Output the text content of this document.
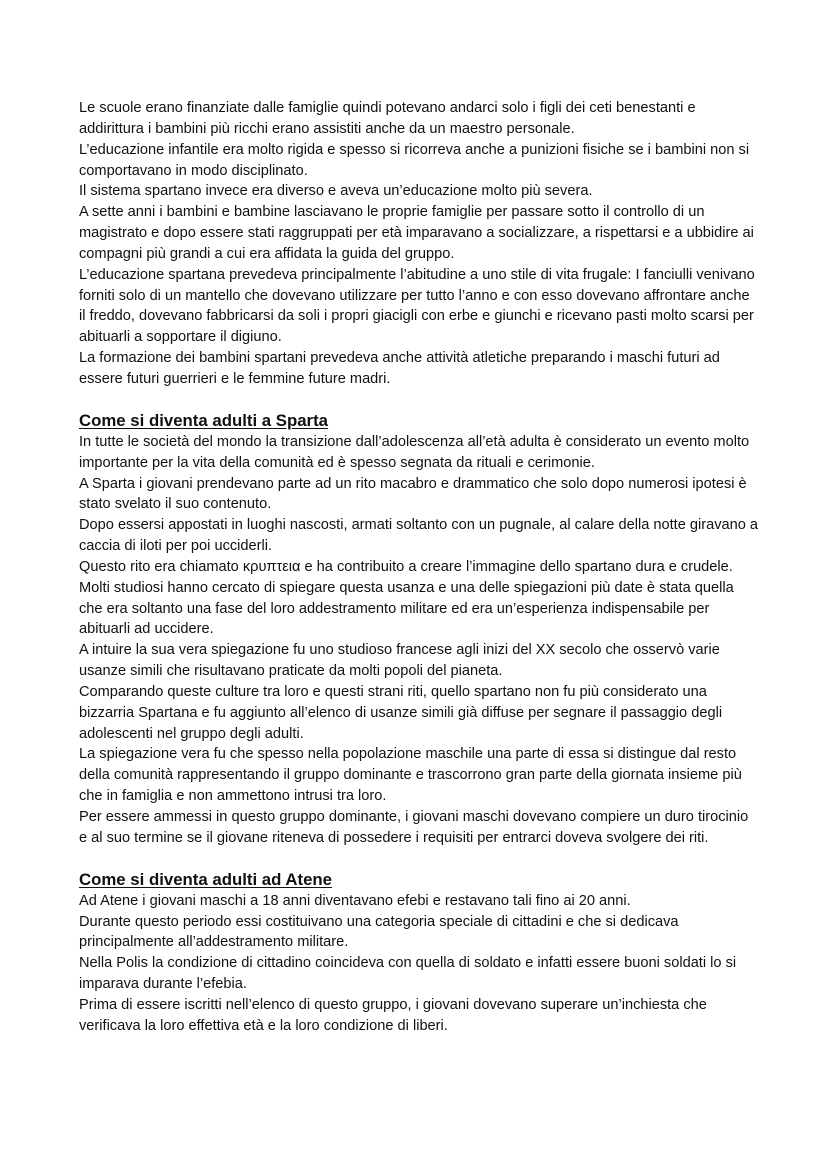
Le scuole erano finanziate dalle famiglie quindi potevano andarci solo i figli dei ceti benestanti e addirittura i bambini più ricchi erano assistiti anche da un maestro personale.

L’educazione infantile era molto rigida e spesso si ricorreva anche a punizioni fisiche se i bambini non si comportavano in modo disciplinato.

Il sistema spartano invece era diverso e aveva un’educazione molto più severa.

A sette anni i bambini e bambine lasciavano le proprie famiglie per passare sotto il controllo di un magistrato e dopo essere stati raggruppati per età imparavano a socializzare, a rispettarsi e a ubbidire ai compagni più grandi a cui era affidata la guida del gruppo.

L’educazione spartana prevedeva principalmente l’abitudine a uno stile di vita frugale: I fanciulli venivano forniti solo di un mantello che dovevano utilizzare per tutto l’anno e con esso dovevano affrontare anche il freddo, dovevano fabbricarsi da soli i propri giacigli con erbe e giunchi e ricevano pasti molto scarsi per abituarli a sopportare il digiuno.

La formazione dei bambini spartani prevedeva anche attività atletiche preparando i maschi futuri ad essere futuri guerrieri e le femmine future madri.

Come si diventa adulti a Sparta

In tutte le società del mondo la transizione dall’adolescenza all’età adulta è considerato un evento molto importante per la vita della comunità ed è spesso segnata da rituali e cerimonie.

A Sparta i giovani prendevano parte ad un rito macabro e drammatico che solo dopo numerosi ipotesi è stato svelato il suo contenuto.

Dopo essersi appostati in luoghi nascosti, armati soltanto con un pugnale, al calare della notte giravano a caccia di iloti per poi ucciderli.

Questo rito era chiamato κρυπτεια e ha contribuito a creare l’immagine dello spartano dura e crudele.

Molti studiosi hanno cercato di spiegare questa usanza e una delle spiegazioni più date è stata quella che era soltanto una fase del loro addestramento militare ed era un’esperienza indispensabile per abituarli ad uccidere.

A intuire la sua vera spiegazione fu uno studioso francese agli inizi del XX secolo che osservò varie usanze simili che risultavano praticate da molti popoli del pianeta.

Comparando queste culture tra loro e questi strani riti, quello spartano non fu più considerato una bizzarria Spartana e fu aggiunto all’elenco di usanze simili già diffuse per segnare il passaggio degli adolescenti nel gruppo degli adulti.

La spiegazione vera fu che spesso nella popolazione maschile una parte di essa si distingue dal resto della comunità rappresentando il gruppo dominante e trascorrono gran parte della giornata insieme più che in famiglia e non ammettono intrusi tra loro.

Per essere ammessi in questo gruppo dominante, i giovani maschi dovevano compiere un duro tirocinio e al suo termine se il giovane riteneva di possedere i requisiti per entrarci doveva svolgere dei riti.

Come si diventa adulti ad Atene

Ad Atene i giovani maschi a 18 anni diventavano efebi e restavano tali fino ai 20 anni.

Durante questo periodo essi costituivano una categoria speciale di cittadini e che si dedicava principalmente all’addestramento militare.

Nella Polis la condizione di cittadino coincideva con quella di soldato e infatti essere buoni soldati lo si imparava durante l’efebia.

Prima di essere iscritti nell’elenco di questo gruppo, i giovani dovevano superare un’inchiesta che verificava la loro effettiva età e la loro condizione di liberi.
